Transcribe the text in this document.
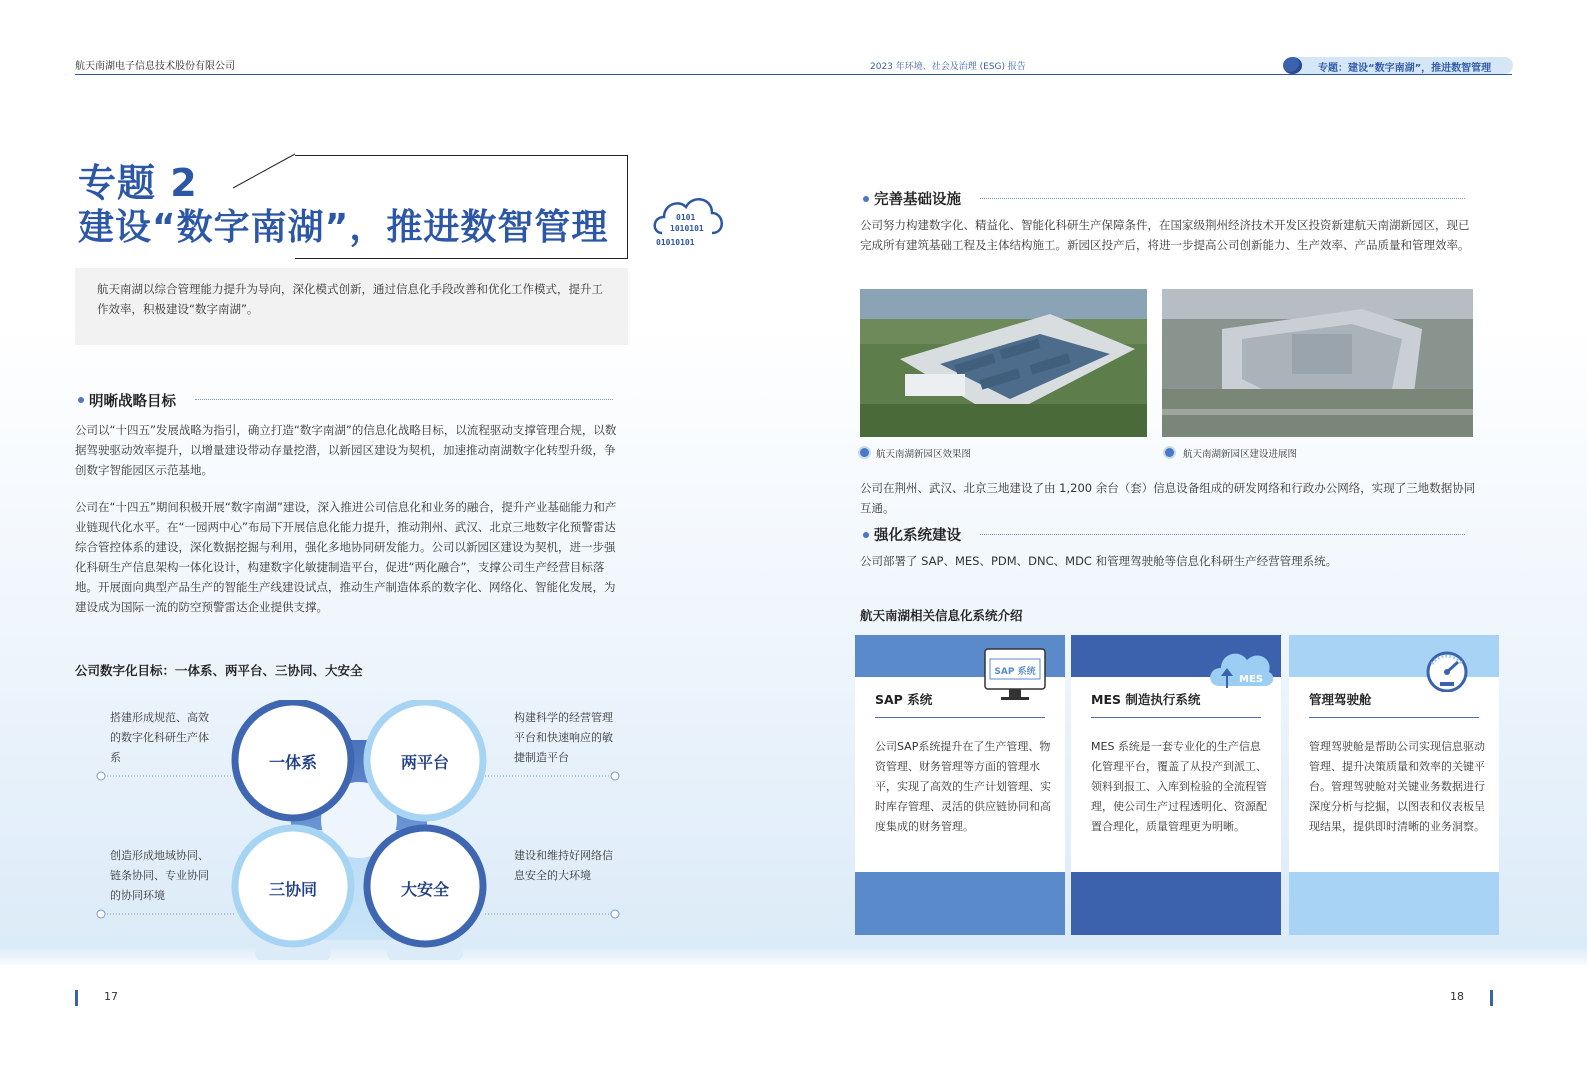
航天南湖电子信息技术股份有限公司	2023 年环境、社会及治理 (ESG) 报告	专题：建设“数字南湖”，推进数智管理
专题 2
建设“数字南湖”，推进数智管理	0101
1010101
01010101
航天南湖以综合管理能力提升为导向，深化模式创新，通过信息化手段改善和优化工作模式，提升工作效率，积极建设“数字南湖”。
明晰战略目标
公司以“十四五”发展战略为指引，确立打造“数字南湖”的信息化战略目标，以流程驱动支撑管理合规，以数据驾驶驱动效率提升，以增量建设带动存量挖潜，以新园区建设为契机，加速推动南湖数字化转型升级，争创数字智能园区示范基地。
公司在“十四五”期间积极开展“数字南湖”建设，深入推进公司信息化和业务的融合，提升产业基础能力和产业链现代化水平。在“一园两中心”布局下开展信息化能力提升，推动荆州、武汉、北京三地数字化预警雷达综合管控体系的建设，深化数据挖掘与利用，强化多地协同研发能力。公司以新园区建设为契机，进一步强化科研生产信息架构一体化设计，构建数字化敏捷制造平台，促进“两化融合”，支撑公司生产经营目标落地。开展面向典型产品生产的智能生产线建设试点，推动生产制造体系的数字化、网络化、智能化发展，为建设成为国际一流的防空预警雷达企业提供支撑。
公司数字化目标：一体系、两平台、三协同、大安全
一体系	两平台
三协同	大安全
搭建形成规范、高效的数字化科研生产体系
构建科学的经营管理平台和快速响应的敏捷制造平台
创造形成地域协同、链条协同、专业协同的协同环境
建设和维持好网络信息安全的大环境
完善基础设施
公司努力构建数字化、精益化、智能化科研生产保障条件，在国家级荆州经济技术开发区投资新建航天南湖新园区，现已完成所有建筑基础工程及主体结构施工。新园区投产后，将进一步提高公司创新能力、生产效率、产品质量和管理效率。
航天南湖新园区效果图	航天南湖新园区建设进展图
公司在荆州、武汉、北京三地建设了由 1,200 余台（套）信息设备组成的研发网络和行政办公网络，实现了三地数据协同互通。
强化系统建设
公司部署了 SAP、MES、PDM、DNC、MDC 和管理驾驶舱等信息化科研生产经营管理系统。
航天南湖相关信息化系统介绍
SAP 系统
公司SAP系统提升在了生产管理、物资管理、财务管理等方面的管理水平，实现了高效的生产计划管理、实时库存管理、灵活的供应链协同和高度集成的财务管理。
SAP 系统
MES 制造执行系统
MES 系统是一套专业化的生产信息化管理平台，覆盖了从投产到派工、领料到报工、入库到检验的全流程管理，使公司生产过程透明化、资源配置合理化，质量管理更为明晰。
MES
管理驾驶舱
管理驾驶舱是帮助公司实现信息驱动管理、提升决策质量和效率的关键平台。管理驾驶舱对关键业务数据进行深度分析与挖掘，以图表和仪表板呈现结果，提供即时清晰的业务洞察。
17	18
